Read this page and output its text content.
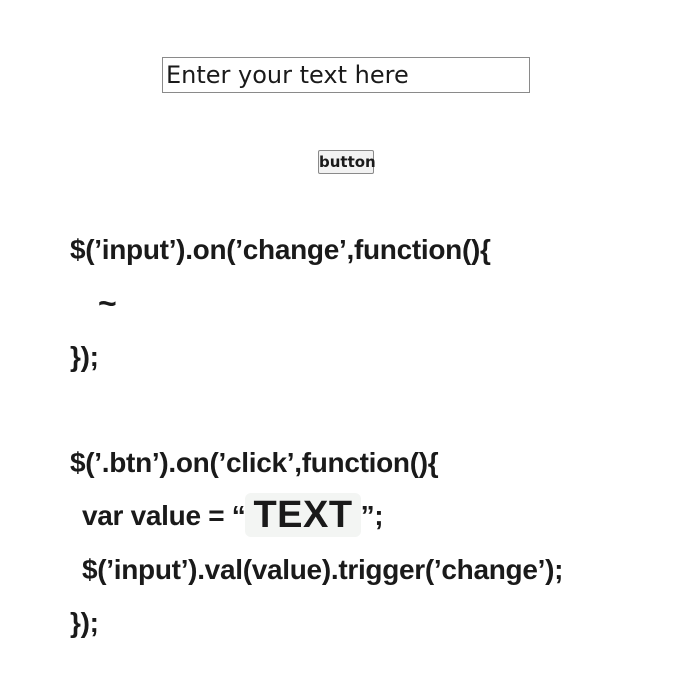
Enter your text here
button
$(’input’).on(’change’,function(){
~
});
$(’.btn’).on(’click’,function(){
var value = “ TEXT ”;
$(’input’).val(value).trigger(’change’);
});
